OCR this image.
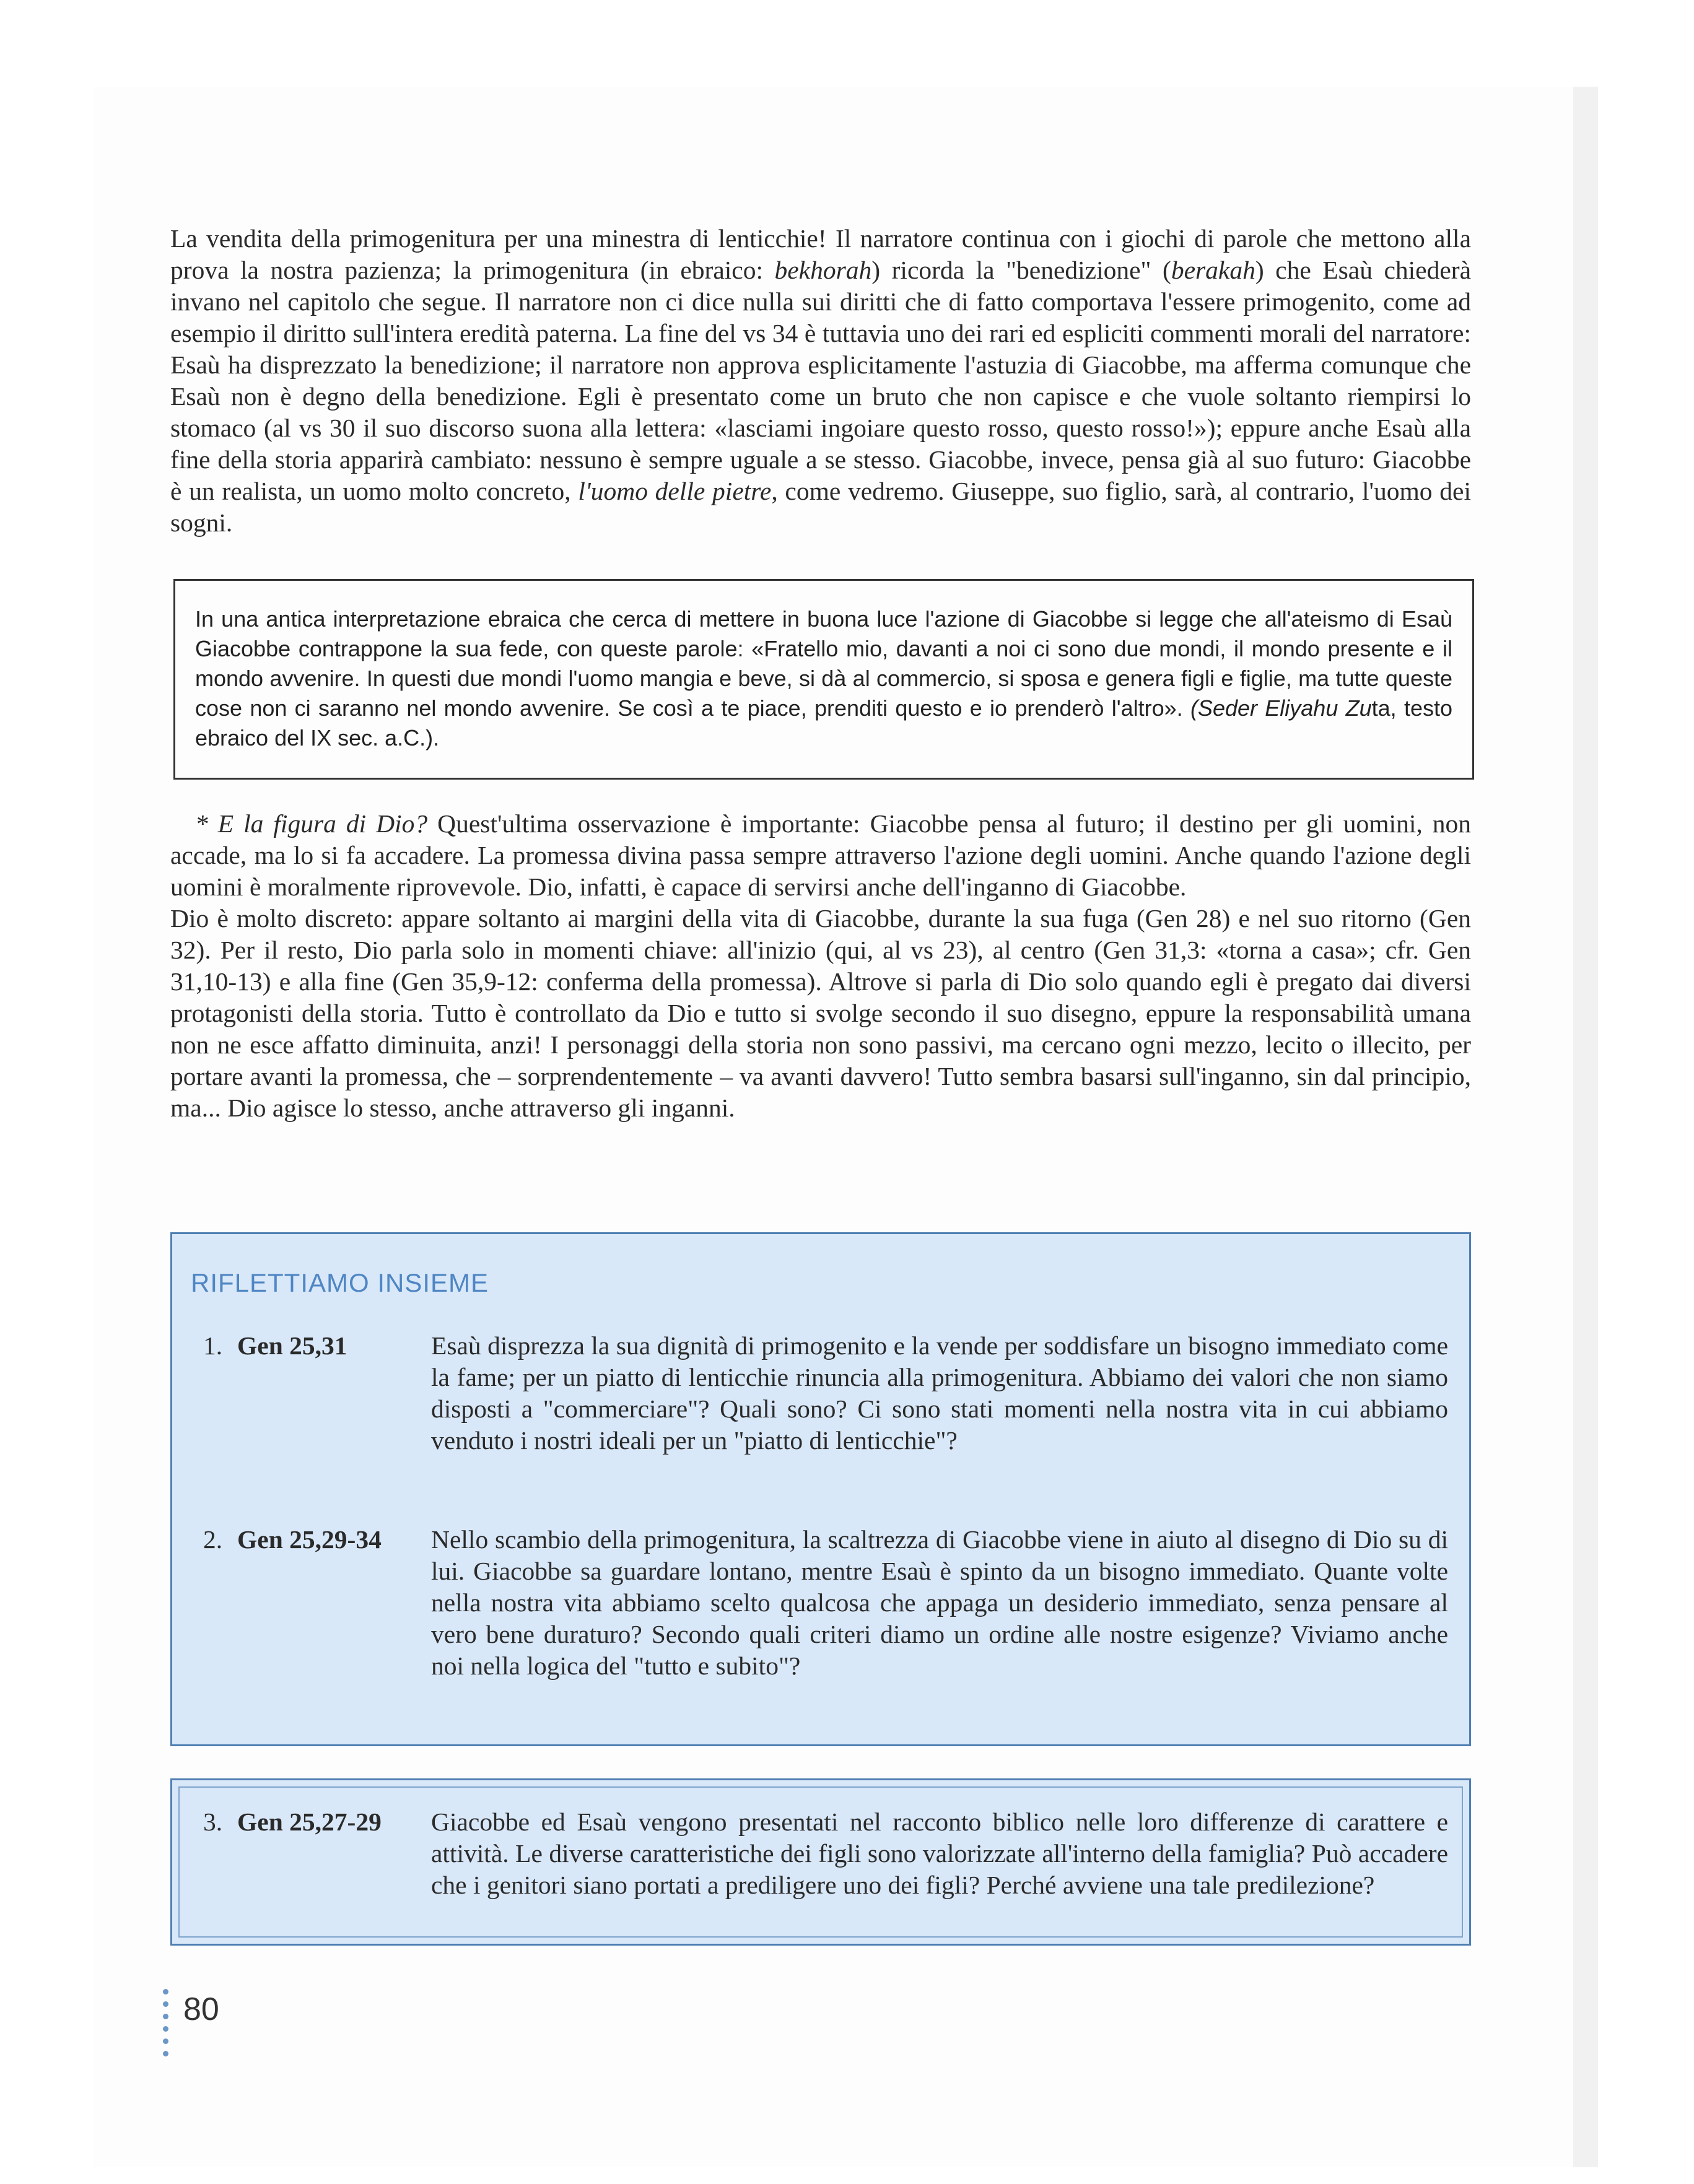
La vendita della primogenitura per una minestra di lenticchie! Il narratore continua con i giochi di parole che mettono alla prova la nostra pazienza; la primogenitura (in ebraico: bekhorah) ricorda la "benedizione" (berakah) che Esaù chiederà invano nel capitolo che segue. Il narratore non ci dice nulla sui diritti che di fatto comportava l'essere primogenito, come ad esempio il diritto sull'intera eredità paterna. La fine del vs 34 è tuttavia uno dei rari ed espliciti commenti morali del narratore: Esaù ha disprezzato la benedizione; il narratore non approva esplicitamente l'astuzia di Giacobbe, ma afferma comunque che Esaù non è degno della benedizione. Egli è presentato come un bruto che non capisce e che vuole soltanto riempirsi lo stomaco (al vs 30 il suo discorso suona alla lettera: «lasciami ingoiare questo rosso, questo rosso!»); eppure anche Esaù alla fine della storia apparirà cambiato: nessuno è sempre uguale a se stesso. Giacobbe, invece, pensa già al suo futuro: Giacobbe è un realista, un uomo molto concreto, l'uomo delle pietre, come vedremo. Giuseppe, suo figlio, sarà, al contrario, l'uomo dei sogni.

In una antica interpretazione ebraica che cerca di mettere in buona luce l'azione di Giacobbe si legge che all'ateismo di Esaù Giacobbe contrappone la sua fede, con queste parole: «Fratello mio, davanti a noi ci sono due mondi, il mondo presente e il mondo avvenire. In questi due mondi l'uomo mangia e beve, si dà al commercio, si sposa e genera figli e figlie, ma tutte queste cose non ci saranno nel mondo avvenire. Se così a te piace, prenditi questo e io prenderò l'altro». (Seder Eliyahu Zuta, testo ebraico del IX sec. a.C.).

* E la figura di Dio? Quest'ultima osservazione è importante: Giacobbe pensa al futuro; il destino per gli uomini, non accade, ma lo si fa accadere. La promessa divina passa sempre attraverso l'azione degli uomini. Anche quando l'azione degli uomini è moralmente riprovevole. Dio, infatti, è capace di servirsi anche dell'inganno di Giacobbe.

Dio è molto discreto: appare soltanto ai margini della vita di Giacobbe, durante la sua fuga (Gen 28) e nel suo ritorno (Gen 32). Per il resto, Dio parla solo in momenti chiave: all'inizio (qui, al vs 23), al centro (Gen 31,3: «torna a casa»; cfr. Gen 31,10-13) e alla fine (Gen 35,9-12: conferma della promessa). Altrove si parla di Dio solo quando egli è pregato dai diversi protagonisti della storia. Tutto è controllato da Dio e tutto si svolge secondo il suo disegno, eppure la responsabilità umana non ne esce affatto diminuita, anzi! I personaggi della storia non sono passivi, ma cercano ogni mezzo, lecito o illecito, per portare avanti la promessa, che – sorprendentemente – va avanti davvero! Tutto sembra basarsi sull'inganno, sin dal principio, ma... Dio agisce lo stesso, anche attraverso gli inganni.

RIFLETTIAMO INSIEME
1. Gen 25,31	Esaù disprezza la sua dignità di primogenito e la vende per soddisfare un bisogno immediato come la fame; per un piatto di lenticchie rinuncia alla primogenitura. Abbiamo dei valori che non siamo disposti a "commerciare"? Quali sono? Ci sono stati momenti nella nostra vita in cui abbiamo venduto i nostri ideali per un "piatto di lenticchie"?
2. Gen 25,29-34 Nello scambio della primogenitura, la scaltrezza di Giacobbe viene in aiuto al disegno di Dio su di lui. Giacobbe sa guardare lontano, mentre Esaù è spinto da un bisogno immediato. Quante volte nella nostra vita abbiamo scelto qualcosa che appaga un desiderio immediato, senza pensare al vero bene duraturo? Secondo quali criteri diamo un ordine alle nostre esigenze? Viviamo anche noi nella logica del "tutto e subito"?
3. Gen 25,27-29 Giacobbe ed Esaù vengono presentati nel racconto biblico nelle loro differenze di carattere e attività. Le diverse caratteristiche dei figli sono valorizzate all'interno della famiglia? Può accadere che i genitori siano portati a prediligere uno dei figli? Perché avviene una tale predilezione?
80
